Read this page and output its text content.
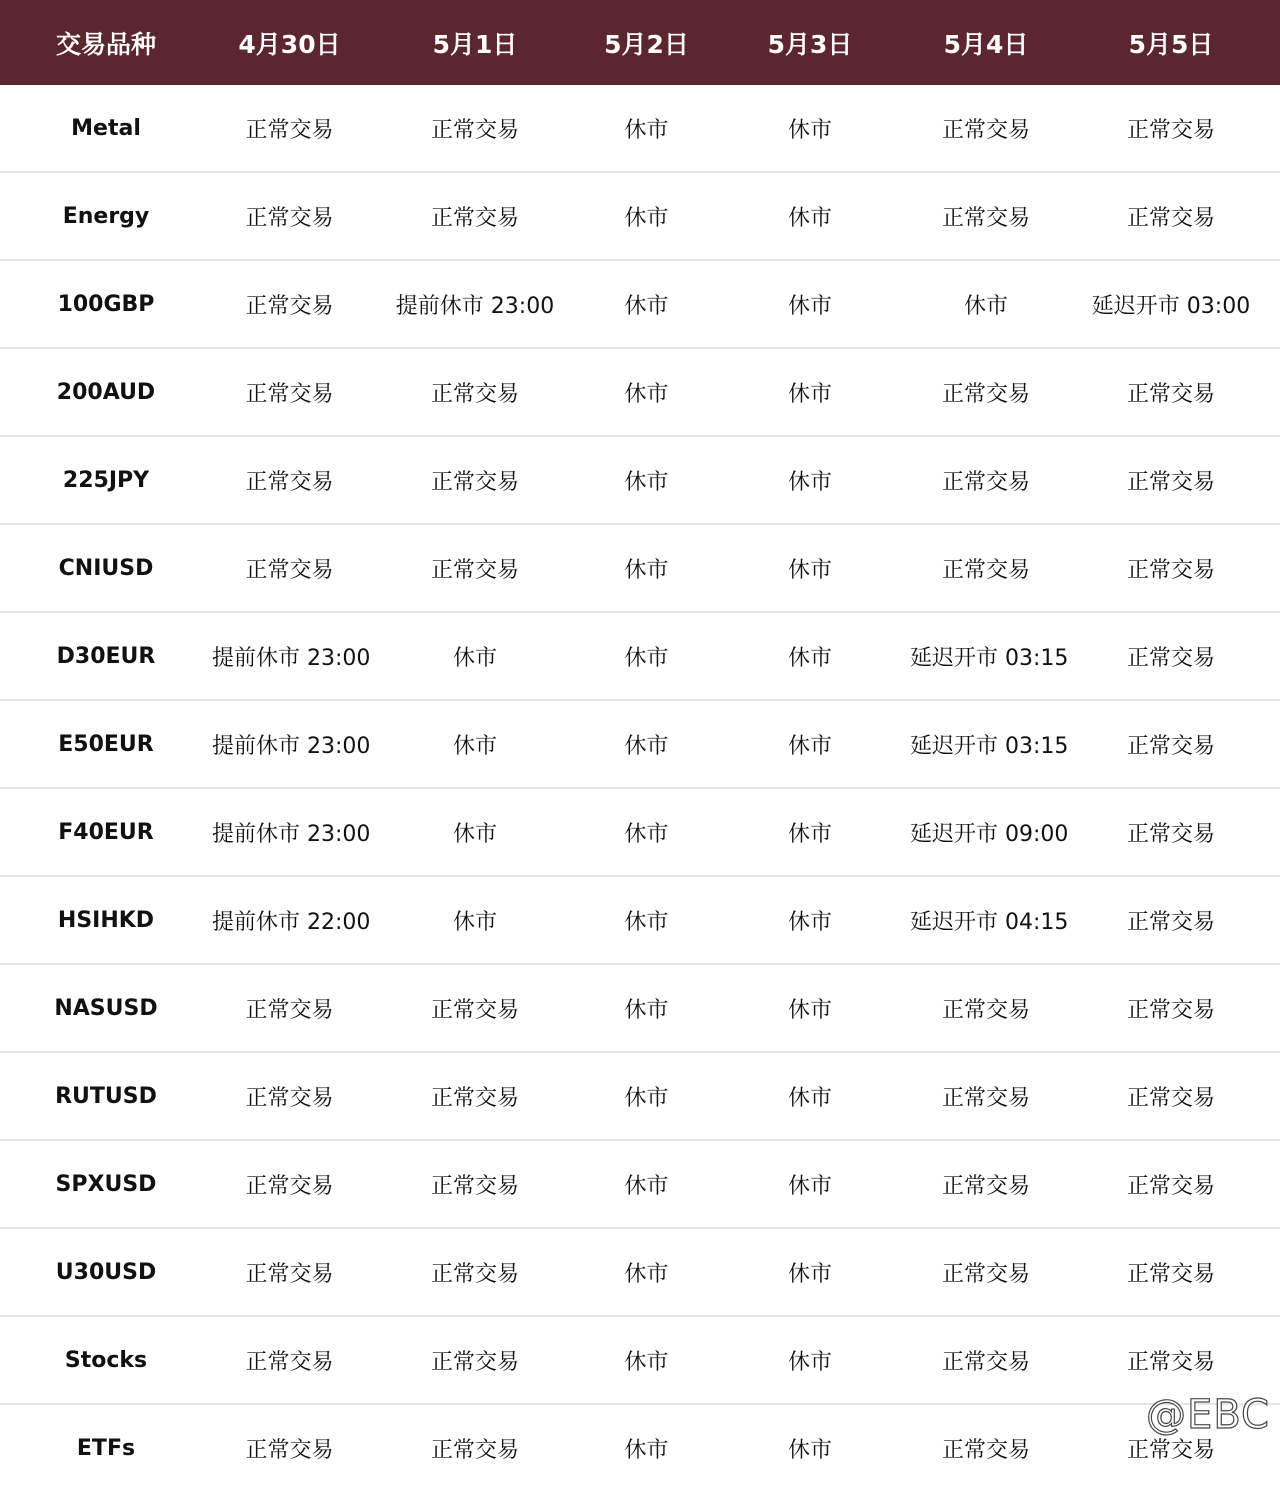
交易品种	4月30日	5月1日	5月2日	5月3日	5月4日	5月5日
Metal	正常交易	正常交易	休市	休市	正常交易	正常交易
Energy	正常交易	正常交易	休市	休市	正常交易	正常交易
100GBP	正常交易	提前休市 23:00	休市	休市	休市	延迟开市 03:00
200AUD	正常交易	正常交易	休市	休市	正常交易	正常交易
225JPY	正常交易	正常交易	休市	休市	正常交易	正常交易
CNIUSD	正常交易	正常交易	休市	休市	正常交易	正常交易
D30EUR	提前休市 23:00	休市	休市	休市	延迟开市 03:15	正常交易
E50EUR	提前休市 23:00	休市	休市	休市	延迟开市 03:15	正常交易
F40EUR	提前休市 23:00	休市	休市	休市	延迟开市 09:00	正常交易
HSIHKD	提前休市 22:00	休市	休市	休市	延迟开市 04:15	正常交易
NASUSD	正常交易	正常交易	休市	休市	正常交易	正常交易
RUTUSD	正常交易	正常交易	休市	休市	正常交易	正常交易
SPXUSD	正常交易	正常交易	休市	休市	正常交易	正常交易
U30USD	正常交易	正常交易	休市	休市	正常交易	正常交易
Stocks	正常交易	正常交易	休市	休市	正常交易	正常交易
ETFs	正常交易	正常交易	休市	休市	正常交易	正常交易
@EBC
